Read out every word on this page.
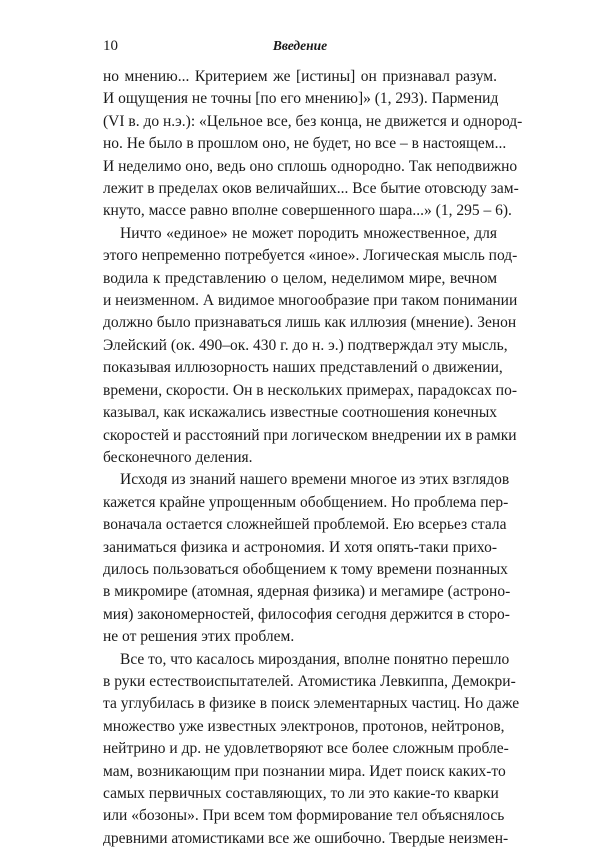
10	Введение

но мнению... Критерием же [истины] он признавал разум.
И ощущения не точны [по его мнению]» (1, 293). Парменид
(VI в. до н.э.): «Цельное все, без конца, не движется и однород-
но. Не было в прошлом оно, не будет, но все – в настоящем...
И неделимо оно, ведь оно сплошь однородно. Так неподвижно
лежит в пределах оков величайших... Все бытие отовсюду зам-
кнуто, массе равно вполне совершенного шара...» (1, 295 – 6).

Ничто «единое» не может породить множественное, для
этого непременно потребуется «иное». Логическая мысль под-
водила к представлению о целом, неделимом мире, вечном
и неизменном. А видимое многообразие при таком понимании
должно было признаваться лишь как иллюзия (мнение). Зенон
Элейский (ок. 490–ок. 430 г. до н. э.) подтверждал эту мысль,
показывая иллюзорность наших представлений о движении,
времени, скорости. Он в нескольких примерах, парадоксах по-
казывал, как искажались известные соотношения конечных
скоростей и расстояний при логическом внедрении их в рамки
бесконечного деления.

Исходя из знаний нашего времени многое из этих взглядов
кажется крайне упрощенным обобщением. Но проблема пер-
воначала остается сложнейшей проблемой. Ею всерьез стала
заниматься физика и астрономия. И хотя опять-таки прихо-
дилось пользоваться обобщением к тому времени познанных
в микромире (атомная, ядерная физика) и мегамире (астроно-
мия) закономерностей, философия сегодня держится в сторо-
не от решения этих проблем.

Все то, что касалось мироздания, вполне понятно перешло
в руки естествоиспытателей. Атомистика Левкиппа, Демокри-
та углубилась в физике в поиск элементарных частиц. Но даже
множество уже известных электронов, протонов, нейтронов,
нейтрино и др. не удовлетворяют все более сложным пробле-
мам, возникающим при познании мира. Идет поиск каких-то
самых первичных составляющих, то ли это какие-то кварки
или «бозоны». При всем том формирование тел объяснялось
древними атомистиками все же ошибочно. Твердые неизмен-
